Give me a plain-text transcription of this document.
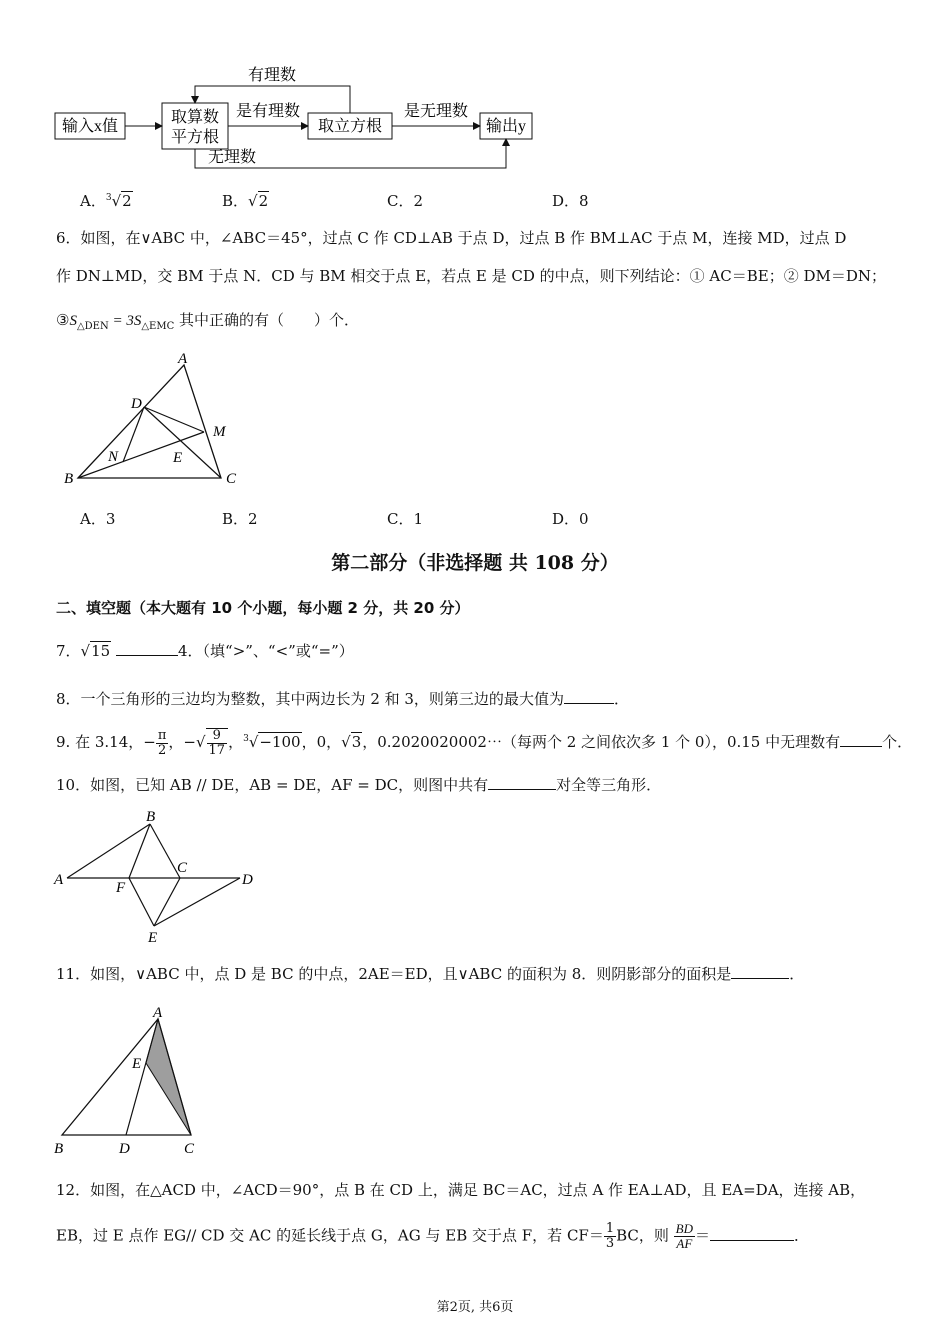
输入x值
取算数
平方根
取立方根	输出y
有理数
是有理数	是无理数
无理数
A．$^3$√2	B．√2	C．2	D．8
6．如图，在∨ABC 中，∠ABC＝45°，过点 C 作 CD⊥AB 于点 D，过点 B 作 BM⊥AC 于点 M，连接 MD，过点 D
作 DN⊥MD，交 BM 于点 N．CD 与 BM 相交于点 E，若点 E 是 CD 的中点，则下列结论：① AC＝BE；② DM＝DN；
$③S_{\triangle DEN} = 3S_{\triangle EMC}$ 其中正确的有（　　）个．
A
D
M
N	E
B	C
A．3	B．2	C．1	D．0
第二部分（非选择题 共 108 分）
二、填空题（本大题有 10 个小题，每小题 2 分，共 20 分）
7．√15	4．（填“>”、“<”或“=”）
8．一个三角形的三边均为整数，其中两边长为 2 和 3，则第三边的最大值为	．
9. 在 3.14，− $\frac{\pi}{2}$ ，−√ $\frac{9}{17}$ ，$^3$√−100，0，√3，0.2020020002⋯（每两个 2 之间依次多 1 个 0），0.15 中无理数有	个．
10．如图，已知 AB // DE，AB = DE，AF = DC，则图中共有	对全等三角形．
B
A	F
C
D
E
11．如图，∨ABC 中，点 D 是 BC 的中点，2AE＝ED，且∨ABC 的面积为 8．则阴影部分的面积是	．
A
E
B	D	C
12．如图，在△ACD 中，∠ACD＝90°，点 B 在 CD 上，满足 BC＝AC，过点 A 作 EA⊥AD，且 EA=DA，连接 AB，
EB，过 E 点作 EG// CD 交 AC 的延长线于点 G，AG 与 EB 交于点 F，若 $CF= \frac{1}{3}$ BC，则 $\frac{BD}{AF}$ ＝	．
第2页, 共6页
